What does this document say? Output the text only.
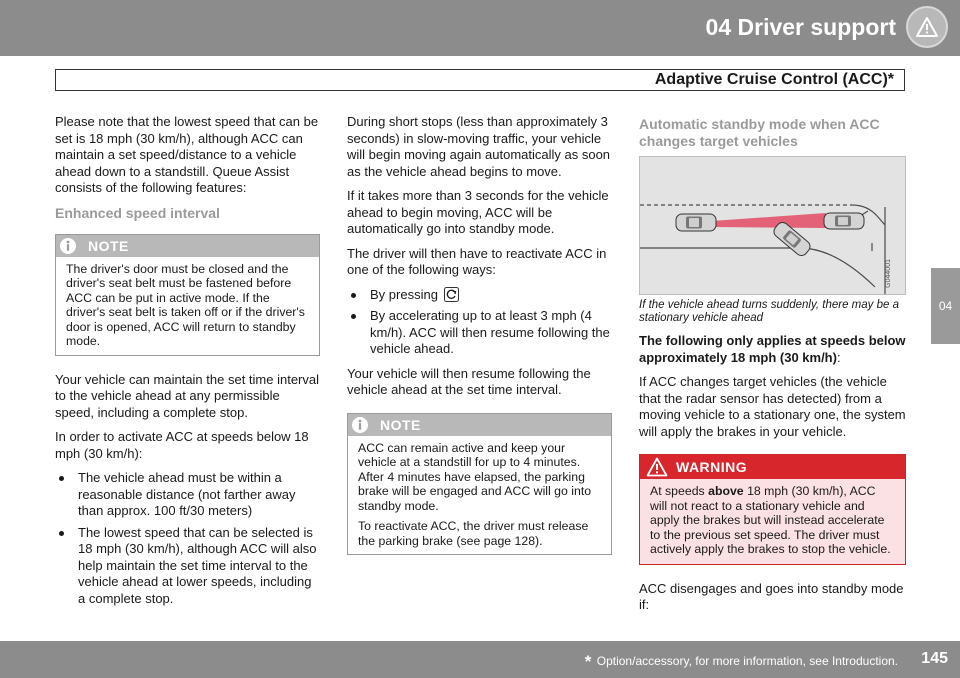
04 Driver support
Adaptive Cruise Control (ACC)*
04

Please note that the lowest speed that can be set is 18 mph (30 km/h), although ACC can maintain a set speed/distance to a vehicle ahead down to a standstill. Queue Assist consists of the following features:

Enhanced speed interval
NOTE

The driver's door must be closed and the driver's seat belt must be fastened before ACC can be put in active mode. If the driver's seat belt is taken off or if the driver's door is opened, ACC will return to standby mode.

Your vehicle can maintain the set time interval to the vehicle ahead at any permissible speed, including a complete stop.

In order to activate ACC at speeds below 18 mph (30 km/h):

The vehicle ahead must be within a reasonable distance (not farther away than approx. 100 ft/30 meters)
The lowest speed that can be selected is 18 mph (30 km/h), although ACC will also help maintain the set time interval to the vehicle ahead at lower speeds, including a complete stop.

During short stops (less than approximately 3 seconds) in slow-moving traffic, your vehicle will begin moving again automatically as soon as the vehicle ahead begins to move.

If it takes more than 3 seconds for the vehicle ahead to begin moving, ACC will be automatically go into standby mode.

The driver will then have to reactivate ACC in one of the following ways:

By pressing
By accelerating up to at least 3 mph (4 km/h). ACC will then resume following the vehicle ahead.

Your vehicle will then resume following the vehicle ahead at the set time interval.

NOTE

ACC can remain active and keep your vehicle at a standstill for up to 4 minutes. After 4 minutes have elapsed, the parking brake will be engaged and ACC will go into standby mode.

To reactivate ACC, the driver must release the parking brake (see page 128).

Automatic standby mode when ACC changes target vehicles
G044001
If the vehicle ahead turns suddenly, there may be a stationary vehicle ahead

The following only applies at speeds below approximately 18 mph (30 km/h):

If ACC changes target vehicles (the vehicle that the radar sensor has detected) from a moving vehicle to a stationary one, the system will apply the brakes in your vehicle.

WARNING
At speeds above 18 mph (30 km/h), ACC will not react to a stationary vehicle and apply the brakes but will instead accelerate to the previous set speed. The driver must actively apply the brakes to stop the vehicle.

ACC disengages and goes into standby mode if:

* Option/accessory, for more information, see Introduction. 145
